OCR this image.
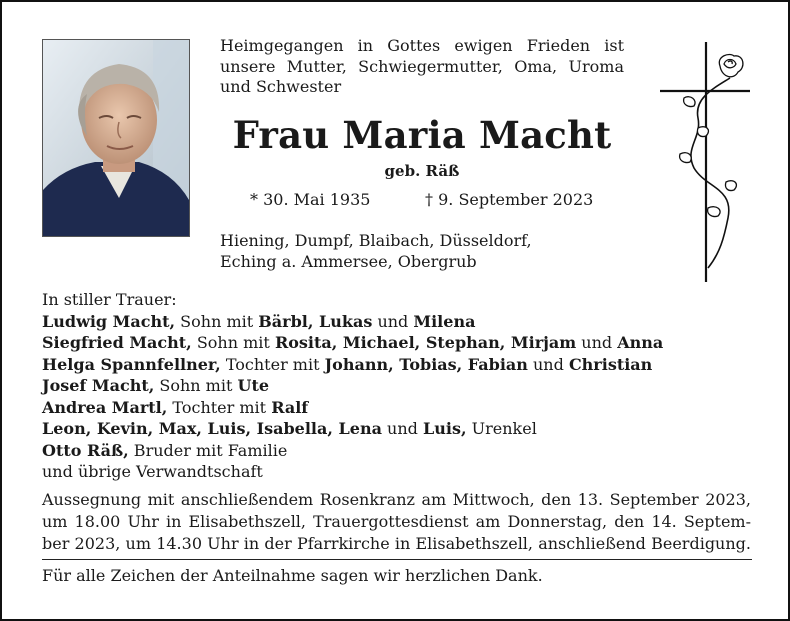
Heimgegangen in Gottes ewigen Frieden ist
unsere Mutter, Schwiegermutter, Oma, Uroma
und Schwester
Frau Maria Macht
geb. Räß
* 30. Mai 1935	† 9. September 2023
Hiening, Dumpf, Blaibach, Düsseldorf,
Eching a. Ammersee, Obergrub
In stiller Trauer:
Ludwig Macht, Sohn mit Bärbl, Lukas und Milena
Siegfried Macht, Sohn mit Rosita, Michael, Stephan, Mirjam und Anna
Helga Spannfellner, Tochter mit Johann, Tobias, Fabian und Christian
Josef Macht, Sohn mit Ute
Andrea Martl, Tochter mit Ralf
Leon, Kevin, Max, Luis, Isabella, Lena und Luis, Urenkel
Otto Räß, Bruder mit Familie
und übrige Verwandtschaft
Aussegnung mit anschließendem Rosenkranz am Mittwoch, den 13. September 2023,
um 18.00 Uhr in Elisabethszell, Trauergottesdienst am Donnerstag, den 14. Septem-
ber 2023, um 14.30 Uhr in der Pfarrkirche in Elisabethszell, anschließend Beerdigung.
Für alle Zeichen der Anteilnahme sagen wir herzlichen Dank.
